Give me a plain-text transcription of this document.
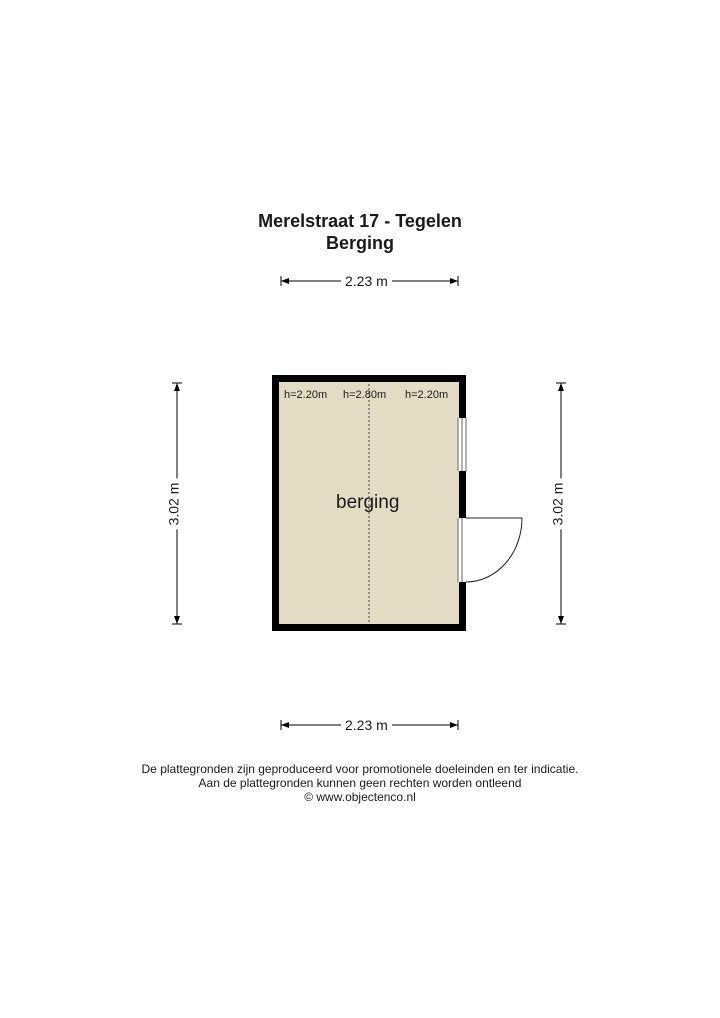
Merelstraat 17 - Tegelen
Berging
2.23 m
2.23 m
3.02 m	3.02 m
h=2.20m h=2.80m h=2.20m
berging
De plattegronden zijn geproduceerd voor promotionele doeleinden en ter indicatie.
Aan de plattegronden kunnen geen rechten worden ontleend
© www.objectenco.nl
